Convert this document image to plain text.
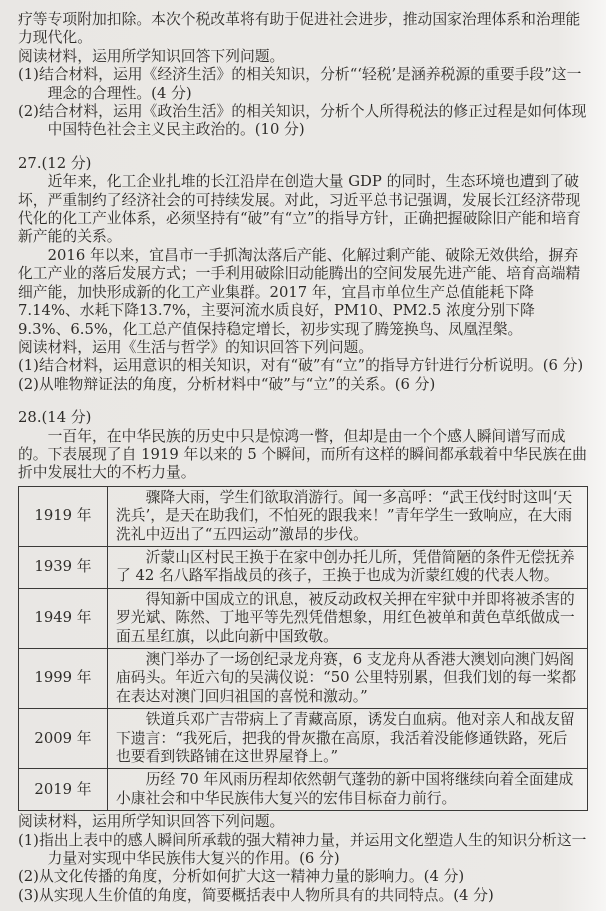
疗等专项附加扣除。本次个税改革将有助于促进社会进步，推动国家治理体系和治理能力现代化。

阅读材料，运用所学知识回答下列问题。

(1)结合材料，运用《经济生活》的相关知识，分析“‘轻税’是涵养税源的重要手段”这一理念的合理性。(4 分)

(2)结合材料，运用《政治生活》的相关知识，分析个人所得税法的修正过程是如何体现中国特色社会主义民主政治的。(10 分)

27.(12 分)

近年来，化工企业扎堆的长江沿岸在创造大量 GDP 的同时，生态环境也遭到了破坏，严重制约了经济社会的可持续发展。对此，习近平总书记强调，发展长江经济带现代化的化工产业体系，必须坚持有“破”有“立”的指导方针，正确把握破除旧产能和培育新产能的关系。

2016 年以来，宜昌市一手抓淘汰落后产能、化解过剩产能、破除无效供给，摒弃化工产业的落后发展方式；一手利用破除旧动能腾出的空间发展先进产能、培育高端精细产能，加快形成新的化工产业集群。2017 年，宜昌市单位生产总值能耗下降 7.14%、水耗下降13.7%，主要河流水质良好，PM10、PM2.5 浓度分别下降 9.3%、6.5%，化工总产值保持稳定增长，初步实现了腾笼换鸟、凤凰涅槃。

阅读材料，运用《生活与哲学》的知识回答下列问题。

(1)结合材料，运用意识的相关知识，对有“破”有“立”的指导方针进行分析说明。(6 分)

(2)从唯物辩证法的角度，分析材料中“破”与“立”的关系。(6 分)

28.(14 分)

一百年，在中华民族的历史中只是惊鸿一瞥，但却是由一个个感人瞬间谱写而成的。下表展现了自 1919 年以来的 5 个瞬间，而所有这样的瞬间都承载着中华民族在曲折中发展壮大的不朽力量。

1919 年	骤降大雨，学生们欲取消游行。闻一多高呼：“武王伐纣时这叫‘天洗兵’，是天在助我们，不怕死的跟我来！”青年学生一致响应，在大雨洗礼中迈出了“五四运动”激昂的步伐。
1939 年	沂蒙山区村民王换于在家中创办托儿所，凭借简陋的条件无偿抚养了 42 名八路军指战员的孩子，王换于也成为沂蒙红嫂的代表人物。
1949 年	得知新中国成立的讯息，被反动政权关押在牢狱中并即将被杀害的罗光斌、陈然、丁地平等先烈凭借想象，用红色被单和黄色草纸做成一面五星红旗，以此向新中国致敬。
1999 年	澳门举办了一场创纪录龙舟赛，6 支龙舟从香港大澳划向澳门妈阁庙码头。年近六旬的吴满仪说：“50 公里特别累，但我们划的每一桨都在表达对澳门回归祖国的喜悦和激动。”
2009 年	铁道兵邓广吉带病上了青藏高原，诱发白血病。他对亲人和战友留下遗言：“我死后，把我的骨灰撒在高原，我活着没能修通铁路，死后也要看到铁路铺在这世界屋脊上。”
2019 年	历经 70 年风雨历程却依然朝气蓬勃的新中国将继续向着全面建成小康社会和中华民族伟大复兴的宏伟目标奋力前行。

阅读材料，运用所学知识回答下列问题。

(1)指出上表中的感人瞬间所承载的强大精神力量，并运用文化塑造人生的知识分析这一力量对实现中华民族伟大复兴的作用。(6 分)

(2)从文化传播的角度，分析如何扩大这一精神力量的影响力。(4 分)

(3)从实现人生价值的角度，简要概括表中人物所具有的共同特点。(4 分)
